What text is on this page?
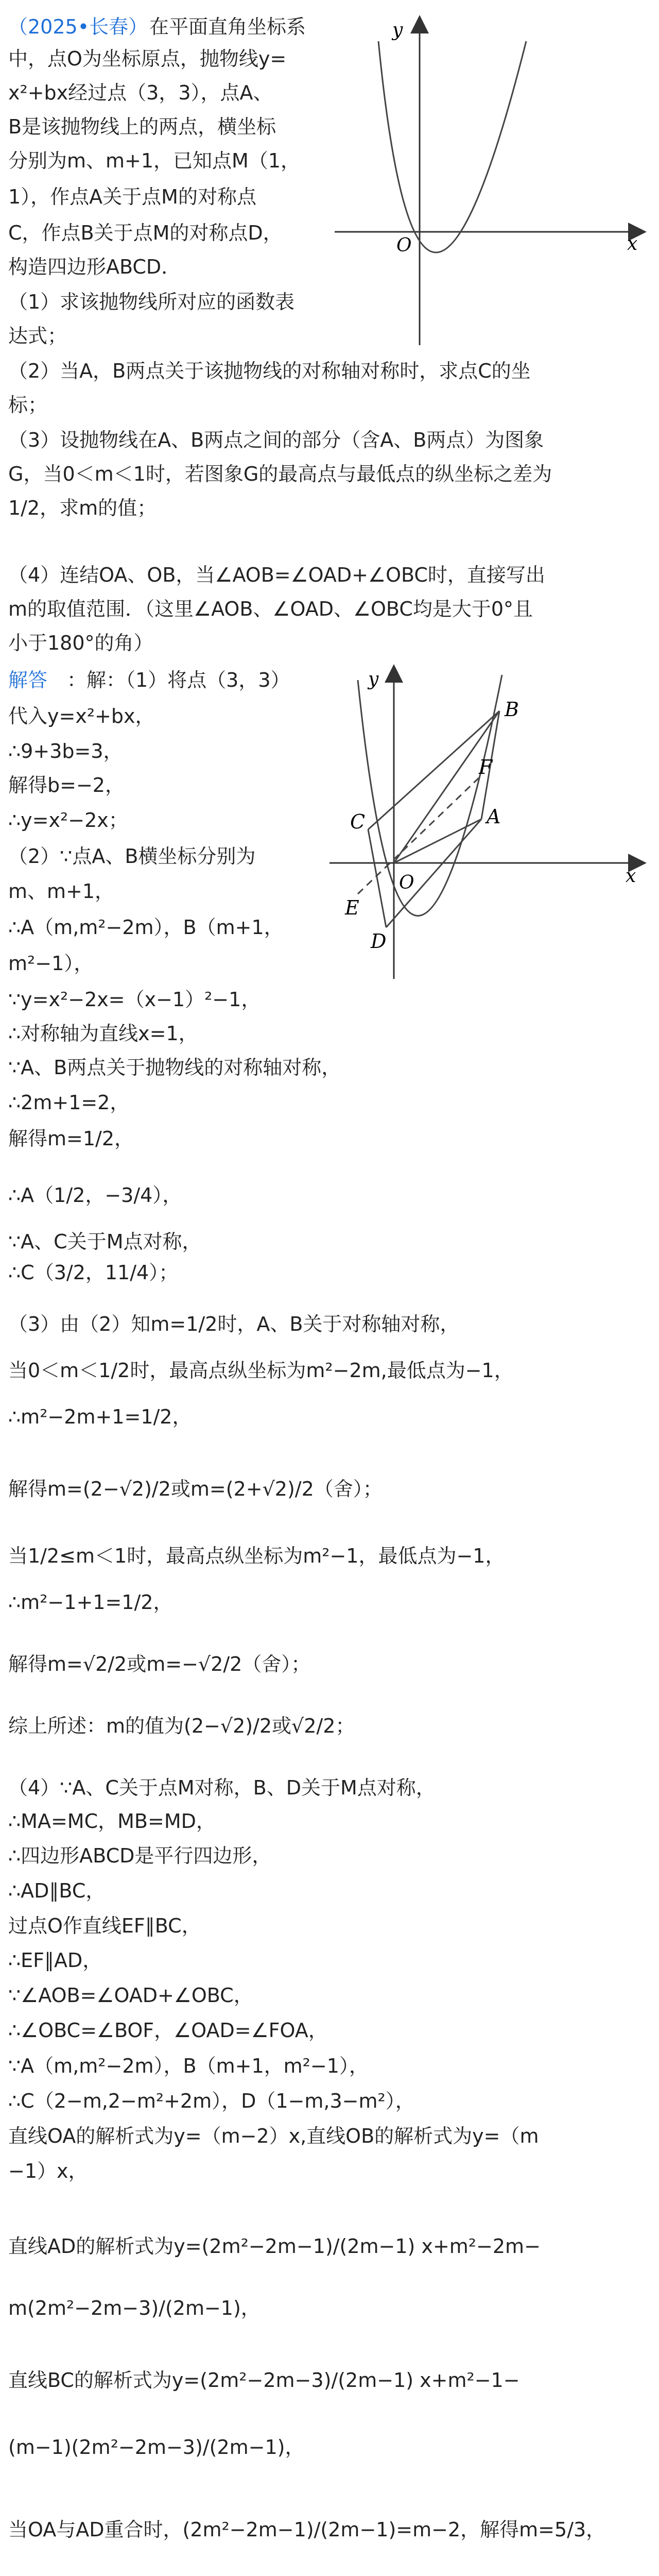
（2025•长春） 在平面直角坐标系
中，点O为坐标原点，抛物线y=
x²+bx经过点（3，3），点A、
B是该抛物线上的两点，横坐标
分别为m、m+1，已知点M（1，
1），作点A关于点M的对称点
C，作点B关于点M的对称点D，
构造四边形ABCD．
（1）求该抛物线所对应的函数表
达式；
（2）当A，B两点关于该抛物线的对称轴对称时，求点C的坐
标；
（3）设抛物线在A、B两点之间的部分（含A、B两点）为图象
G，当0＜m＜1时，若图象G的最高点与最低点的纵坐标之差为
1/2，求m的值；
（4）连结OA、OB，当∠AOB=∠OAD+∠OBC时，直接写出
m的取值范围．（这里∠AOB、∠OAD、∠OBC均是大于0°且
小于180°的角）
y
x
O
解答 ：解：（1）将点（3，3）
代入y=x²+bx，
∴9+3b=3，
解得b=−2，
∴y=x²−2x；
（2）∵点A、B横坐标分别为
m、m+1，
∴A（m,m²−2m），B（m+1，
m²−1），
∵y=x²−2x=（x−1）²−1，
∴对称轴为直线x=1，
∵A、B两点关于抛物线的对称轴对称，
∴2m+1=2，
解得m=1/2，
∴A（1/2，−3/4），
∵A、C关于M点对称，
∴C（3/2，11/4）；
（3）由（2）知m=1/2时，A、B关于对称轴对称，
当0＜m＜1/2时，最高点纵坐标为m²−2m,最低点为−1，
∴m²−2m+1=1/2，
解得m=(2−√2)/2或m=(2+√2)/2（舍）；
当1/2≤m＜1时，最高点纵坐标为m²−1，最低点为−1，
∴m²−1+1=1/2，
解得m=√2/2或m=−√2/2（舍）；
综上所述：m的值为(2−√2)/2或√2/2；
（4）∵A、C关于点M对称，B、D关于M点对称，
∴MA=MC，MB=MD，
∴四边形ABCD是平行四边形，
∴AD∥BC，
过点O作直线EF∥BC，
∴EF∥AD，
∵∠AOB=∠OAD+∠OBC，
∴∠OBC=∠BOF，∠OAD=∠FOA，
∵A（m,m²−2m），B（m+1，m²−1），
∴C（2−m,2−m²+2m），D（1−m,3−m²），
直线OA的解析式为y=（m−2）x,直线OB的解析式为y=（m
−1）x，
直线AD的解析式为y=(2m²−2m−1)/(2m−1) x+m²−2m−
m(2m²−2m−3)/(2m−1)，
直线BC的解析式为y=(2m²−2m−3)/(2m−1) x+m²−1−
(m−1)(2m²−2m−3)/(2m−1)，
当OA与AD重合时，(2m²−2m−1)/(2m−1)=m−2，解得m=5/3，
y
x
O
B
F
C	A
E
D
